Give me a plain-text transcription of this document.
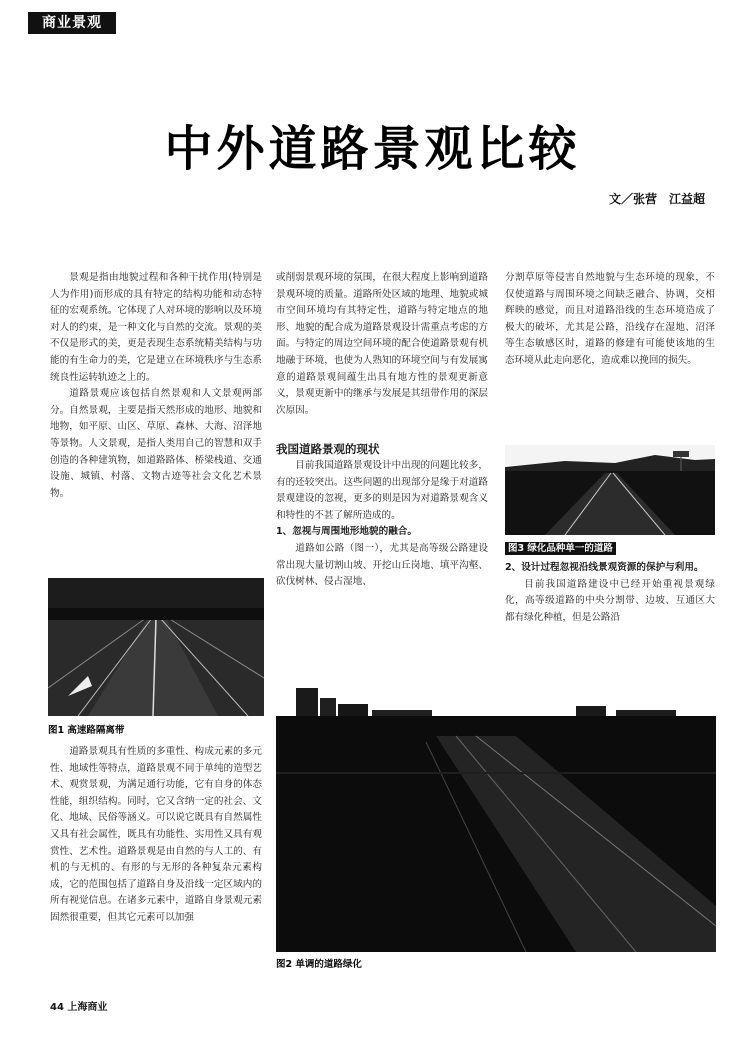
商业景观
中外道路景观比较
文／张营　江益超

景观是指由地貌过程和各种干扰作用(特别是人为作用)而形成的具有特定的结构功能和动态特征的宏观系统。它体现了人对环境的影响以及环境对人的约束，是一种文化与自然的交流。景观的美不仅是形式的美，更是表现生态系统精美结构与功能的有生命力的美，它是建立在环境秩序与生态系统良性运转轨迹之上的。

道路景观应该包括自然景观和人文景观两部分。自然景观，主要是指天然形成的地形、地貌和地物，如平原、山区、草原、森林、大海、沼泽地等景物。人文景观，是指人类用自己的智慧和双手创造的各种建筑物，如道路路体、桥梁栈道、交通设施、城镇、村落、文物古迹等社会文化艺术景物。

图1 高速路隔离带

道路景观具有性质的多重性、构成元素的多元性、地域性等特点，道路景观不同于单纯的造型艺术、观赏景观，为满足通行功能，它有自身的体态性能，组织结构。同时，它又含纳一定的社会、文化、地域、民俗等涵义。可以说它既具有自然属性又具有社会属性，既具有功能性、实用性又具有观赏性、艺术性。道路景观是由自然的与人工的、有机的与无机的、有形的与无形的各种复杂元素构成，它的范围包括了道路自身及沿线一定区域内的所有视觉信息。在诸多元素中，道路自身景观元素固然很重要，但其它元素可以加强

或削弱景观环境的氛围，在很大程度上影响到道路景观环境的质量。道路所处区域的地理、地貌或城市空间环境均有其特定性，道路与特定地点的地形、地貌的配合成为道路景观设计需重点考虑的方面。与特定的周边空间环境的配合使道路景观有机地融于环境，也使为人熟知的环境空间与有发展寓意的道路景观间蕴生出具有地方性的景观更新意义，景观更新中的继承与发展是其纽带作用的深层次原因。

我国道路景观的现状

目前我国道路景观设计中出现的问题比较多，有的还较突出。这些问题的出现部分是缘于对道路景观建设的忽视，更多的则是因为对道路景观含义和特性的不甚了解所造成的。

1、忽视与周围地形地貌的融合。

道路如公路（图一），尤其是高等级公路建设常出现大量切割山坡、开挖山丘岗地、填平沟壑、砍伐树林、侵占湿地、

分割草原等侵害自然地貌与生态环境的现象，不仅使道路与周围环境之间缺乏融合、协调，交相辉映的感觉，而且对道路沿线的生态环境造成了极大的破坏，尤其是公路，沿线存在湿地、沼泽等生态敏感区时，道路的修建有可能使该地的生态环境从此走向恶化，造成难以挽回的损失。

图3 绿化品种单一的道路

2、设计过程忽视沿线景观资源的保护与利用。

目前我国道路建设中已经开始重视景观绿化，高等级道路的中央分割带、边坡、互通区大都有绿化种植，但是公路沿

图2 单调的道路绿化
44 上海商业
